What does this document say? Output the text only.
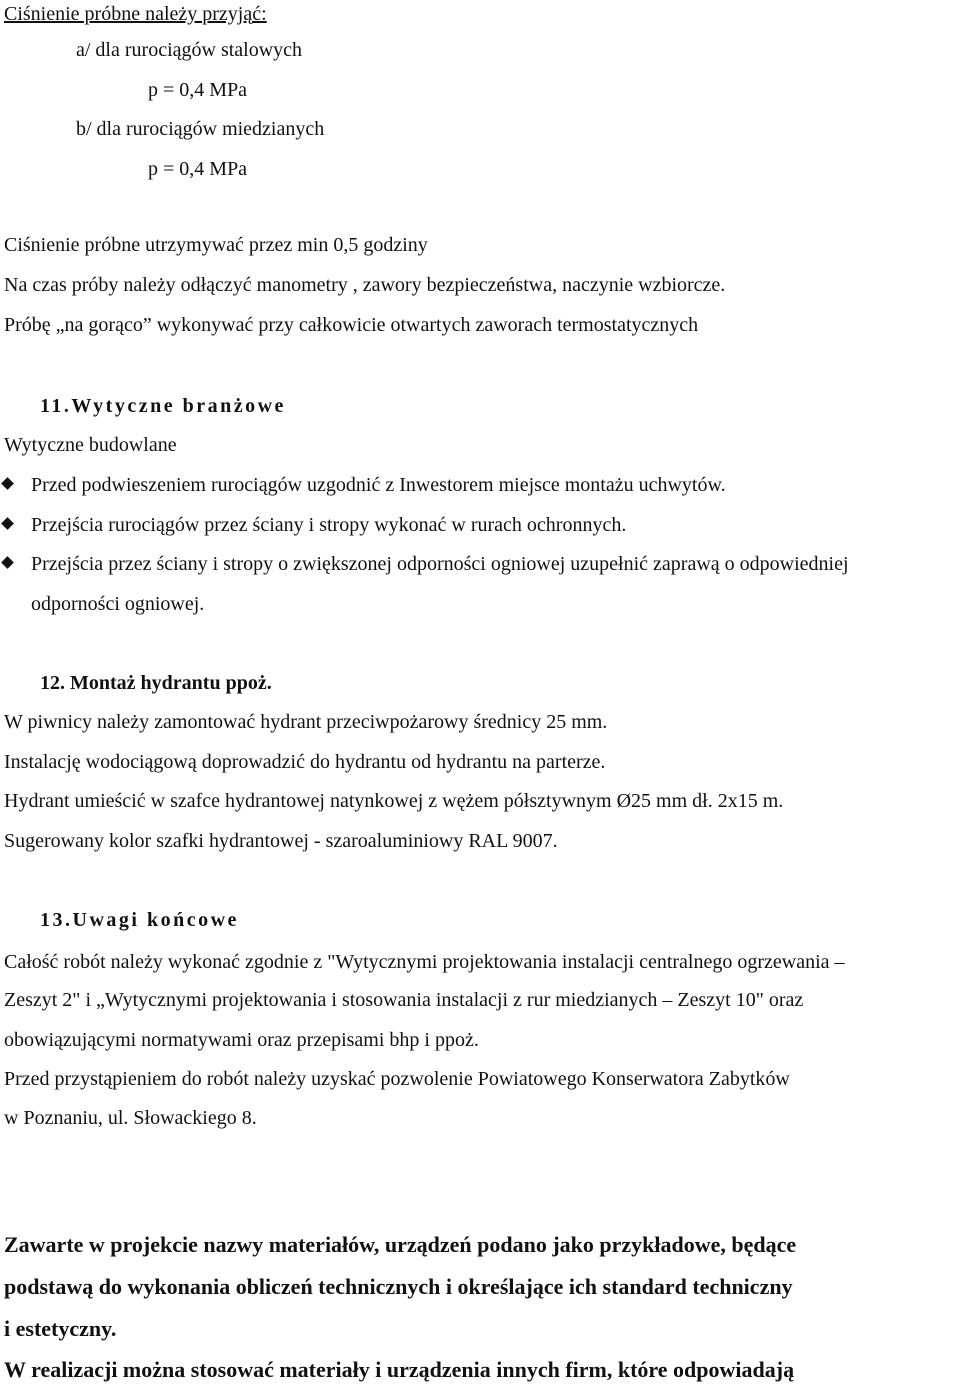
Ciśnienie próbne należy przyjąć:
a/ dla rurociągów stalowych
p = 0,4 MPa
b/ dla rurociągów miedzianych
p = 0,4 MPa
Ciśnienie próbne utrzymywać przez min 0,5 godziny
Na czas próby należy odłączyć manometry , zawory bezpieczeństwa, naczynie wzbiorcze.
Próbę „na gorąco” wykonywać przy całkowicie otwartych zaworach termostatycznych
11.Wytyczne branżowe
Wytyczne budowlane
Przed podwieszeniem rurociągów uzgodnić z Inwestorem miejsce montażu uchwytów.
Przejścia rurociągów przez ściany i stropy wykonać w rurach ochronnych.
Przejścia przez ściany i stropy o zwiększonej odporności ogniowej uzupełnić zaprawą o odpowiedniej
odporności ogniowej.
12. Montaż hydrantu ppoż.
W piwnicy należy zamontować hydrant przeciwpożarowy średnicy 25 mm.
Instalację wodociągową doprowadzić do hydrantu od hydrantu na parterze.
Hydrant umieścić w szafce hydrantowej natynkowej z wężem półsztywnym Ø25 mm dł. 2x15 m.
Sugerowany kolor szafki hydrantowej - szaroaluminiowy RAL 9007.
13.Uwagi końcowe
Całość robót należy wykonać zgodnie z "Wytycznymi projektowania instalacji centralnego ogrzewania –
Zeszyt 2" i „Wytycznymi projektowania i stosowania instalacji z rur miedzianych – Zeszyt 10" oraz
obowiązującymi normatywami oraz przepisami bhp i ppoż.
Przed przystąpieniem do robót należy uzyskać pozwolenie Powiatowego Konserwatora Zabytków
w Poznaniu, ul. Słowackiego 8.
Zawarte w projekcie nazwy materiałów, urządzeń podano jako przykładowe, będące
podstawą do wykonania obliczeń technicznych i określające ich standard techniczny
i estetyczny.
W realizacji można stosować materiały i urządzenia innych firm, które odpowiadają
